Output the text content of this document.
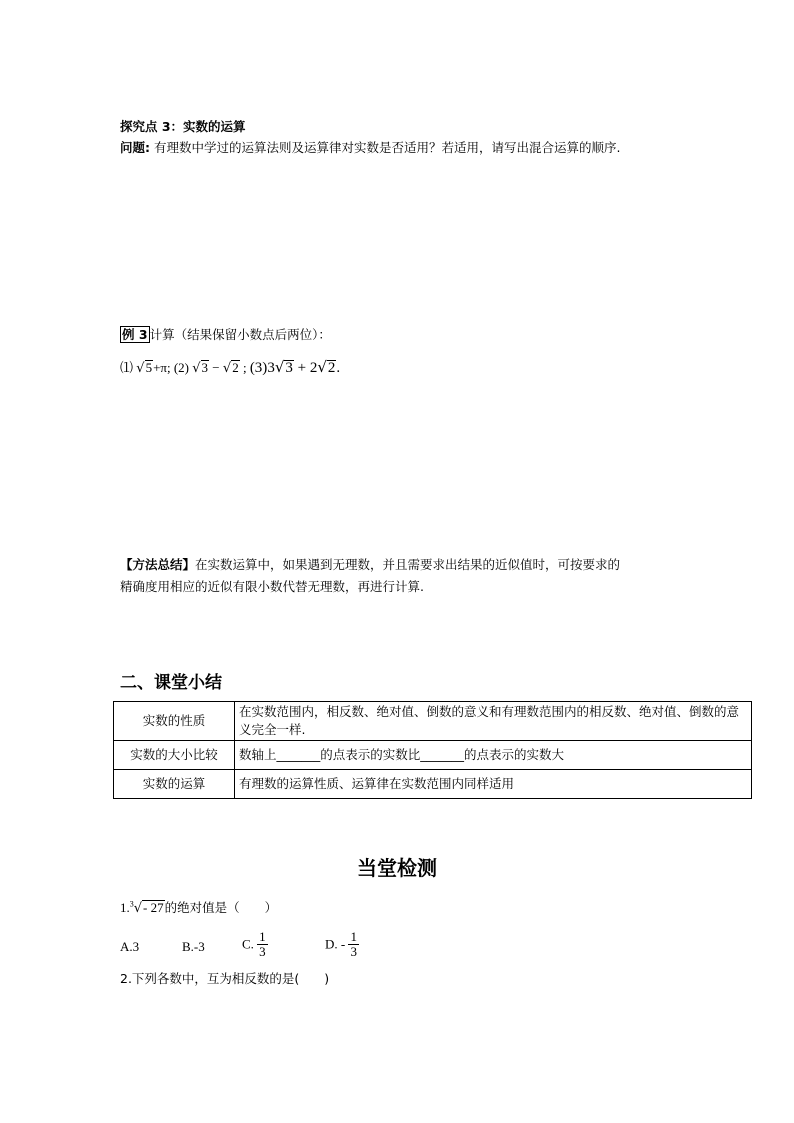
探究点 3：实数的运算
问题: 有理数中学过的运算法则及运算律对实数是否适用？若适用，请写出混合运算的顺序.
例 3 计算（结果保留小数点后两位）：
⑴ √5+π; (2) √3 − √2 ; (3)3√3 + 2√2.
【方法总结】在实数运算中，如果遇到无理数，并且需要求出结果的近似值时，可按要求的
精确度用相应的近似有限小数代替无理数，再进行计算.
二、课堂小结
实数的性质	在实数范围内，相反数、绝对值、倒数的意义和有理数范围内的相反数、绝对值、倒数的意义完全一样.
实数的大小比较	数轴上_______的点表示的实数比_______的点表示的实数大
实数的运算	有理数的运算性质、运算律在实数范围内同样适用
当堂检测
1.$^3$√- 27的绝对值是（　　）
A.3	B.-3	C. $\frac{1}{3}$	D. - $\frac{1}{3}$
2.下列各数中，互为相反数的是(　　)
